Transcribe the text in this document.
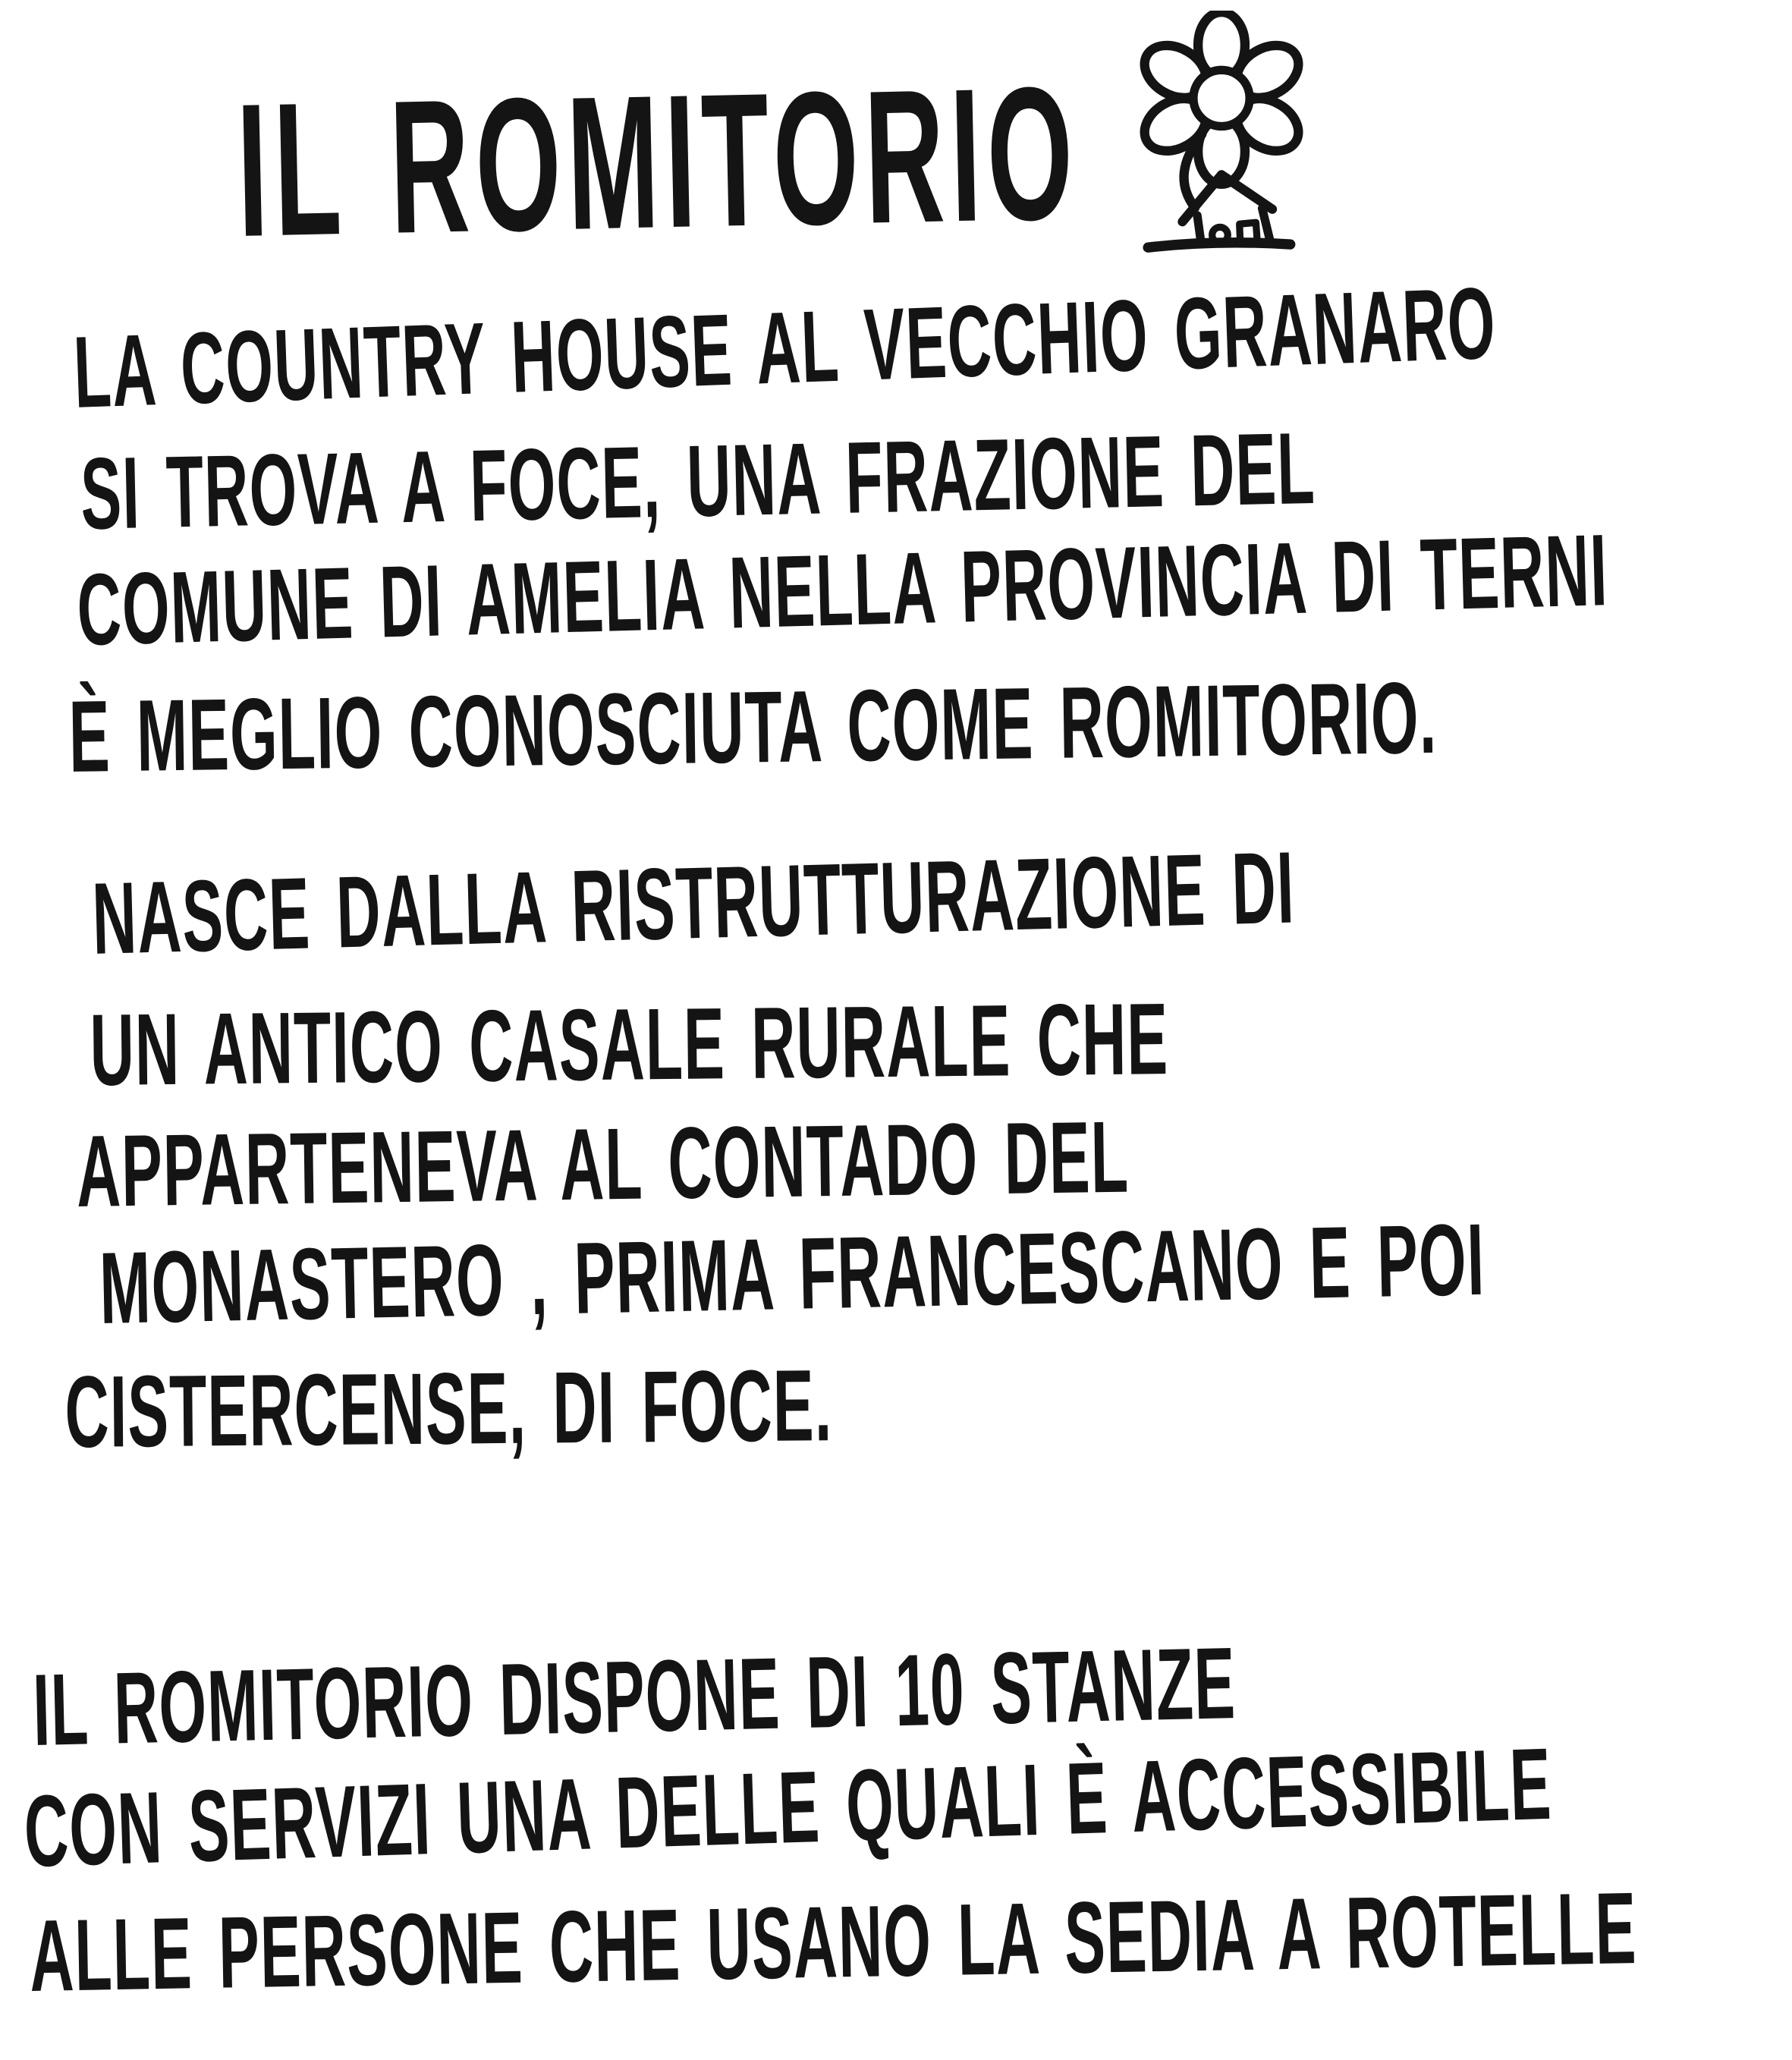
IL ROMITORIO
LA COUNTRY HOUSE AL VECCHIO GRANARO
SI TROVA A FOCE, UNA FRAZIONE DEL
COMUNE DI AMELIA NELLA PROVINCIA DI TERNI
È MEGLIO CONOSCIUTA COME ROMITORIO.
NASCE DALLA RISTRUTTURAZIONE DI
UN ANTICO CASALE RURALE CHE
APPARTENEVA AL CONTADO DEL
MONASTERO , PRIMA FRANCESCANO E POI
CISTERCENSE, DI FOCE.
IL ROMITORIO DISPONE DI 10 STANZE
CON SERVIZI UNA DELLE QUALI È ACCESSIBILE
ALLE PERSONE CHE USANO LA SEDIA A ROTELLE
